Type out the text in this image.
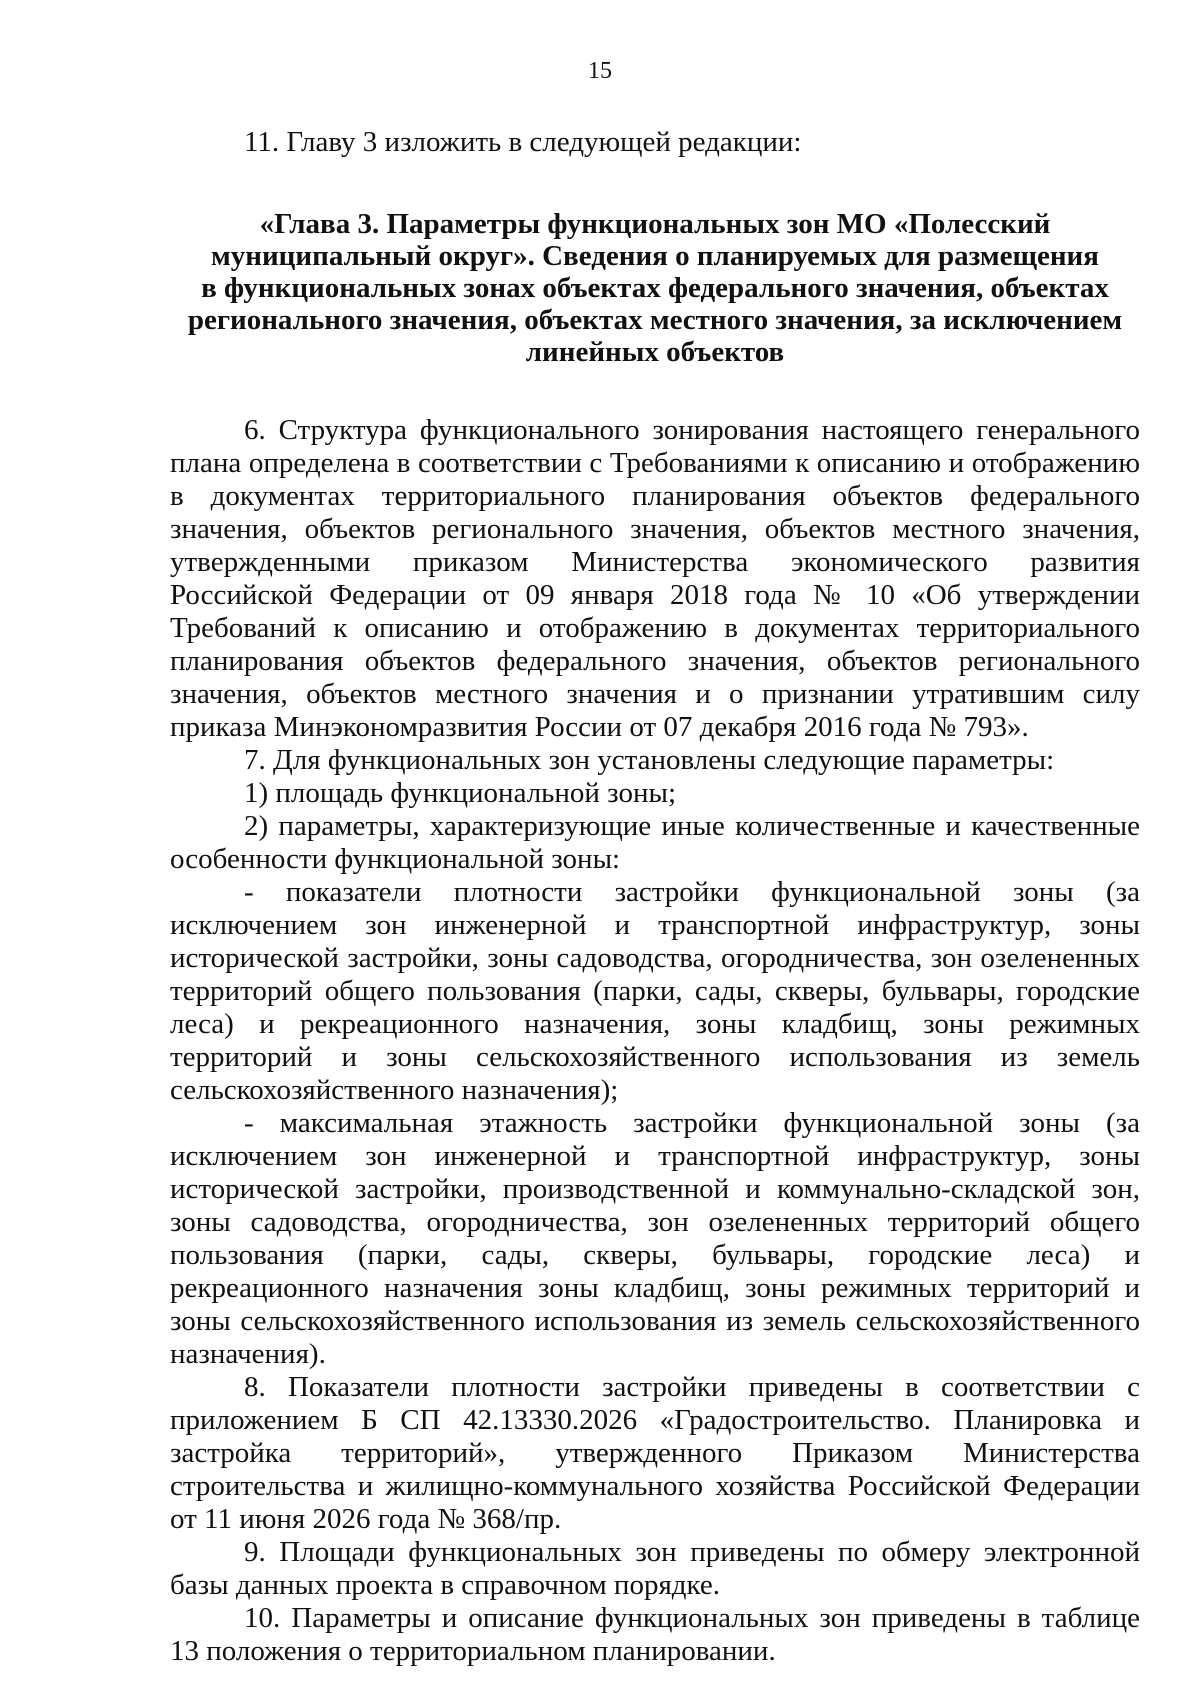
15

11. Главу 3 изложить в следующей редакции:

«Глава 3. Параметры функциональных зон МО «Полесский
муниципальный округ». Сведения о планируемых для размещения
в функциональных зонах объектах федерального значения, объектах
регионального значения, объектах местного значения, за исключением
линейных объектов

6. Структура функционального зонирования настоящего генерального плана определена в соответствии с Требованиями к описанию и отображению в документах территориального планирования объектов федерального значения, объектов регионального значения, объектов местного значения, утвержденными приказом Министерства экономического развития Российской Федерации от 09 января 2018 года № 10 «Об утверждении Требований к описанию и отображению в документах территориального планирования объектов федерального значения, объектов регионального значения, объектов местного значения и о признании утратившим силу приказа Минэкономразвития России от 07 декабря 2016 года № 793».

7. Для функциональных зон установлены следующие параметры:

1) площадь функциональной зоны;

2) параметры, характеризующие иные количественные и качественные особенности функциональной зоны:

- показатели плотности застройки функциональной зоны (за исключением зон инженерной и транспортной инфраструктур, зоны исторической застройки, зоны садоводства, огородничества, зон озелененных территорий общего пользования (парки, сады, скверы, бульвары, городские леса) и рекреационного назначения, зоны кладбищ, зоны режимных территорий и зоны сельскохозяйственного использования из земель сельскохозяйственного назначения);

- максимальная этажность застройки функциональной зоны (за исключением зон инженерной и транспортной инфраструктур, зоны исторической застройки, производственной и коммунально-складской зон, зоны садоводства, огородничества, зон озелененных территорий общего пользования (парки, сады, скверы, бульвары, городские леса) и рекреационного назначения зоны кладбищ, зоны режимных территорий и зоны сельскохозяйственного использования из земель сельскохозяйственного назначения).

8. Показатели плотности застройки приведены в соответствии с приложением Б СП 42.13330.2026 «Градостроительство. Планировка и застройка территорий», утвержденного Приказом Министерства строительства и жилищно-коммунального хозяйства Российской Федерации от 11 июня 2026 года № 368/пр.

9. Площади функциональных зон приведены по обмеру электронной базы данных проекта в справочном порядке.

10. Параметры и описание функциональных зон приведены в таблице 13 положения о территориальном планировании.
